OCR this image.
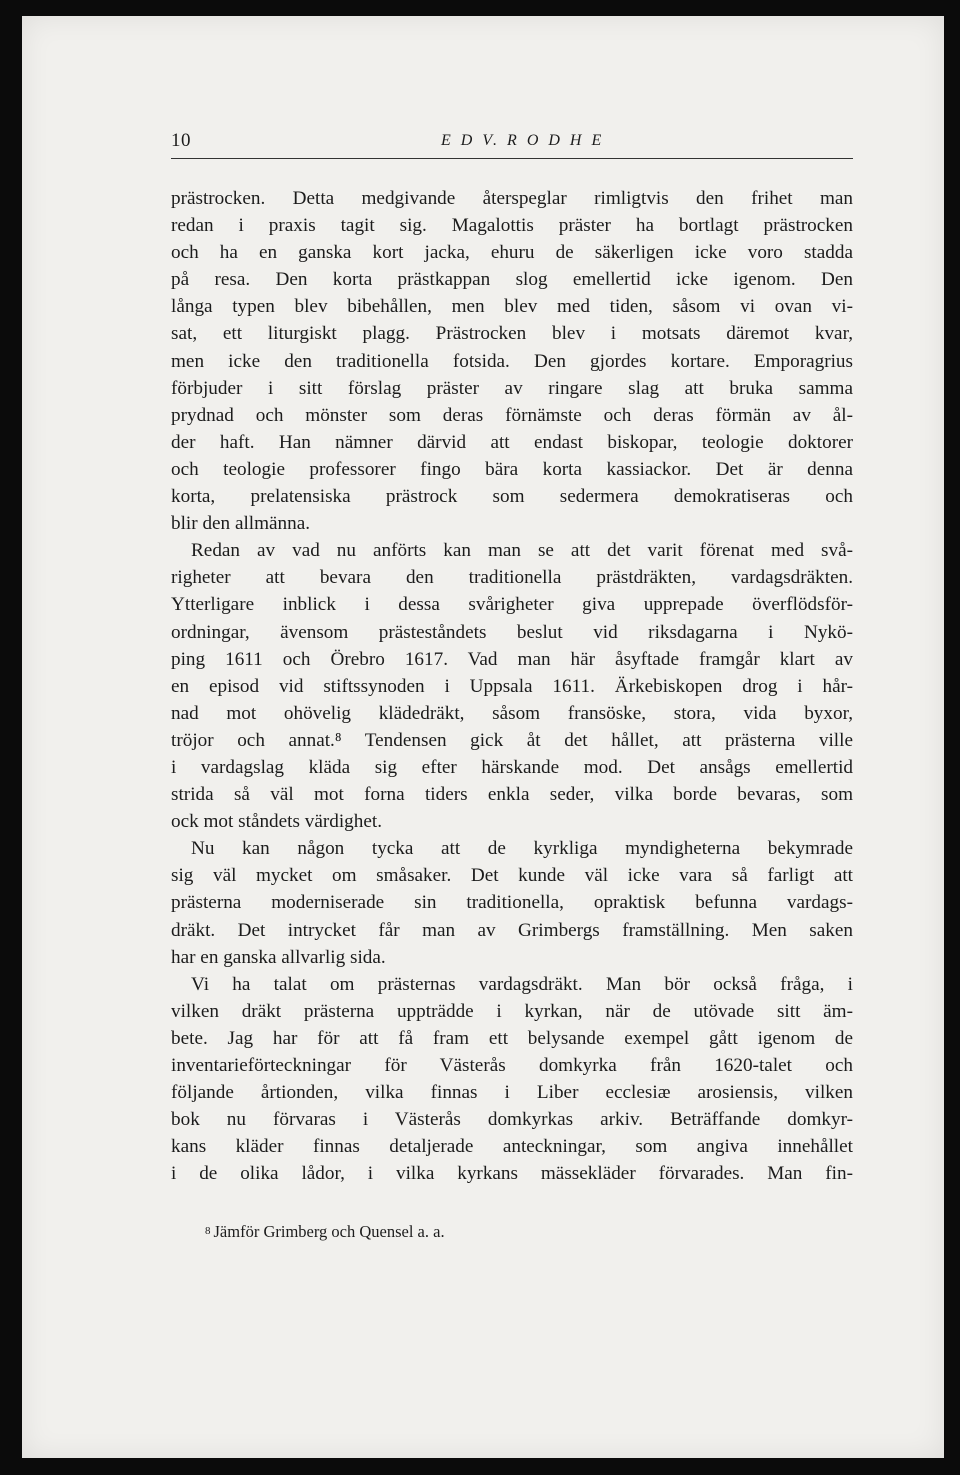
10	E D V. R O D H E
prästrocken. Detta medgivande återspeglar rimligtvis den frihet man
redan i praxis tagit sig. Magalottis präster ha bortlagt prästrocken
och ha en ganska kort jacka, ehuru de säkerligen icke voro stadda
på resa. Den korta prästkappan slog emellertid icke igenom. Den
långa typen blev bibehållen, men blev med tiden, såsom vi ovan vi-
sat, ett liturgiskt plagg. Prästrocken blev i motsats däremot kvar,
men icke den traditionella fotsida. Den gjordes kortare. Emporagrius
förbjuder i sitt förslag präster av ringare slag att bruka samma
prydnad och mönster som deras förnämste och deras förmän av ål-
der haft. Han nämner därvid att endast biskopar, teologie doktorer
och teologie professorer fingo bära korta kassiackor. Det är denna
korta, prelatensiska prästrock som sedermera demokratiseras och
blir den allmänna.
Redan av vad nu anförts kan man se att det varit förenat med svå-
righeter att bevara den traditionella prästdräkten, vardagsdräkten.
Ytterligare inblick i dessa svårigheter giva upprepade överflödsför-
ordningar, ävensom prästeståndets beslut vid riksdagarna i Nykö-
ping 1611 och Örebro 1617. Vad man här åsyftade framgår klart av
en episod vid stiftssynoden i Uppsala 1611. Ärkebiskopen drog i hår-
nad mot ohövelig klädedräkt, såsom fransöske, stora, vida byxor,
tröjor och annat.⁸ Tendensen gick åt det hållet, att prästerna ville
i vardagslag kläda sig efter härskande mod. Det ansågs emellertid
strida så väl mot forna tiders enkla seder, vilka borde bevaras, som
ock mot ståndets värdighet.
Nu kan någon tycka att de kyrkliga myndigheterna bekymrade
sig väl mycket om småsaker. Det kunde väl icke vara så farligt att
prästerna moderniserade sin traditionella, opraktisk befunna vardags-
dräkt. Det intrycket får man av Grimbergs framställning. Men saken
har en ganska allvarlig sida.
Vi ha talat om prästernas vardagsdräkt. Man bör också fråga, i
vilken dräkt prästerna uppträdde i kyrkan, när de utövade sitt äm-
bete. Jag har för att få fram ett belysande exempel gått igenom de
inventarieförteckningar för Västerås domkyrka från 1620-talet och
följande årtionden, vilka finnas i Liber ecclesiæ arosiensis, vilken
bok nu förvaras i Västerås domkyrkas arkiv. Beträffande domkyr-
kans kläder finnas detaljerade anteckningar, som angiva innehållet
i de olika lådor, i vilka kyrkans mässekläder förvarades. Man fin-
$^8$ Jämför Grimberg och Quensel a. a.
